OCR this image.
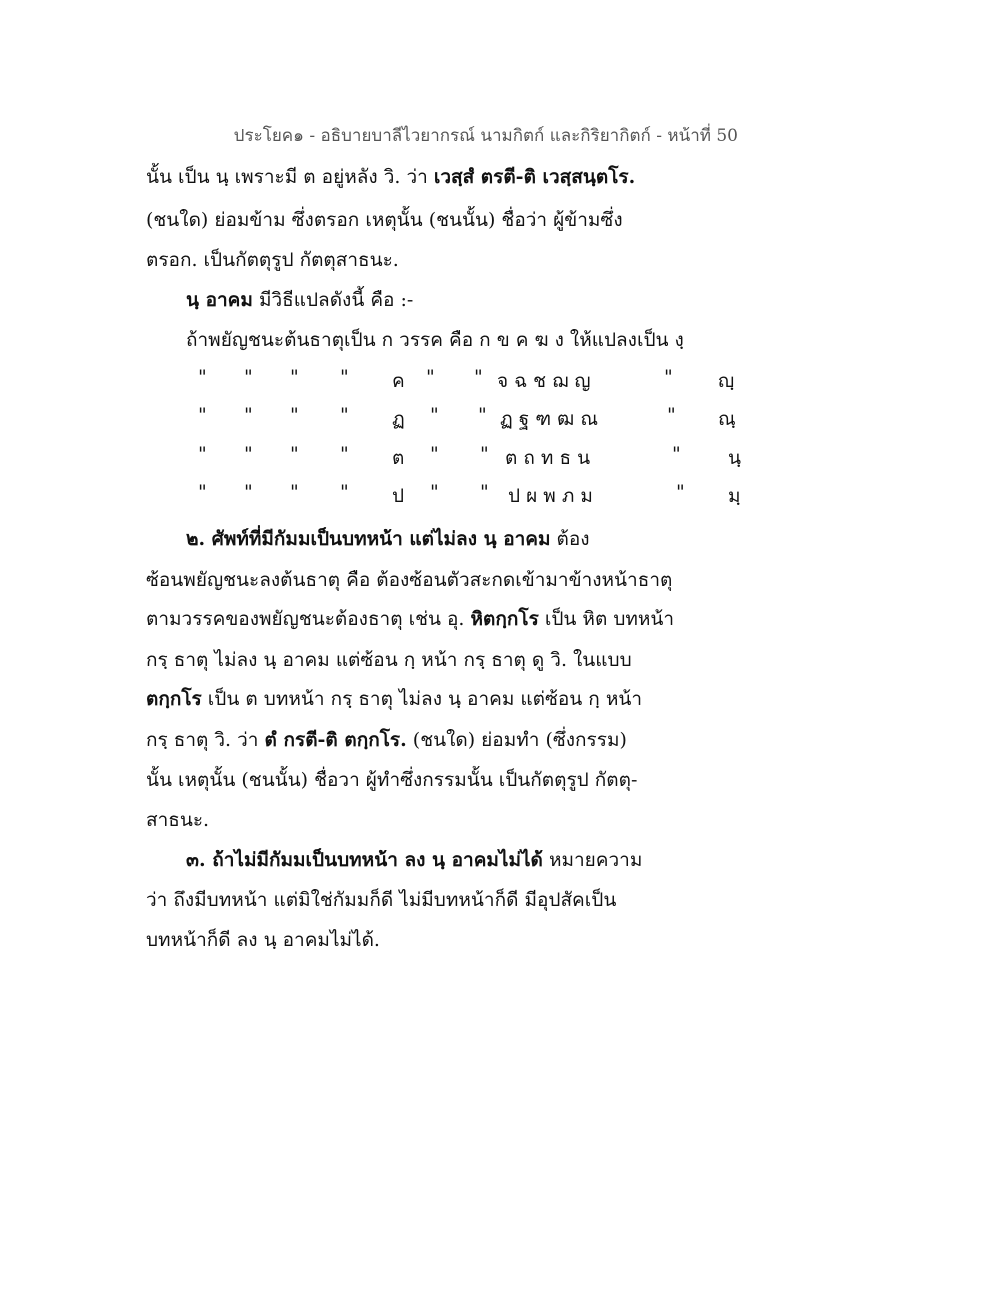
ประโยค๑ - อธิบายบาลีไวยากรณ์ นามกิตก์ และกิริยากิตก์ - หน้าที่ 50
นั้น เป็น นฺ เพราะมี ต อยู่หลัง วิ. ว่า เวสฺสํ ตรตี-ติ เวสฺสนฺตโร.
(ชนใด) ย่อมข้าม ซึ่งตรอก เหตุนั้น (ชนนั้น) ชื่อว่า ผู้ข้ามซึ่ง
ตรอก. เป็นกัตตุรูป กัตตุสาธนะ.
นฺ อาคม มีวิธีแปลดังนี้ คือ :-
ถ้าพยัญชนะต้นธาตุเป็น ก วรรค คือ ก ข ค ฆ ง ให้แปลงเป็น งฺ
" " " " ค " " จ ฉ ช ฌ ญ	" ญฺ
" " " " ฏ " " ฏ ฐ ฑ ฒ ณ	" ณฺ
" " " " ต " " ต ถ ท ธ น	" นฺ
" " " " ป " " ป ผ พ ภ ม	" มฺ
๒. ศัพท์ที่มีกัมมเป็นบทหน้า แต่ไม่ลง นฺ อาคม ต้อง
ซ้อนพยัญชนะลงต้นธาตุ คือ ต้องซ้อนตัวสะกดเข้ามาข้างหน้าธาตุ
ตามวรรคของพยัญชนะต้องธาตุ เช่น อุ. หิตกฺกโร เป็น หิต บทหน้า
กรฺ ธาตุ ไม่ลง นฺ อาคม แต่ซ้อน กฺ หน้า กรฺ ธาตุ ดู วิ. ในแบบ
ตกฺกโร เป็น ต บทหน้า กรฺ ธาตุ ไม่ลง นฺ อาคม แต่ซ้อน กฺ หน้า
กรฺ ธาตุ วิ. ว่า ตํ กรตี-ติ ตกฺกโร. (ชนใด) ย่อมทำ (ซึ่งกรรม)
นั้น เหตุนั้น (ชนนั้น) ชื่อวา ผู้ทำซึ่งกรรมนั้น เป็นกัตตุรูป กัตตุ-
สาธนะ.
๓. ถ้าไม่มีกัมมเป็นบทหน้า ลง นฺ อาคมไม่ได้ หมายความ
ว่า ถึงมีบทหน้า แต่มิใช่กัมมก็ดี ไม่มีบทหน้าก็ดี มีอุปสัคเป็น
บทหน้าก็ดี ลง นฺ อาคมไม่ได้.
